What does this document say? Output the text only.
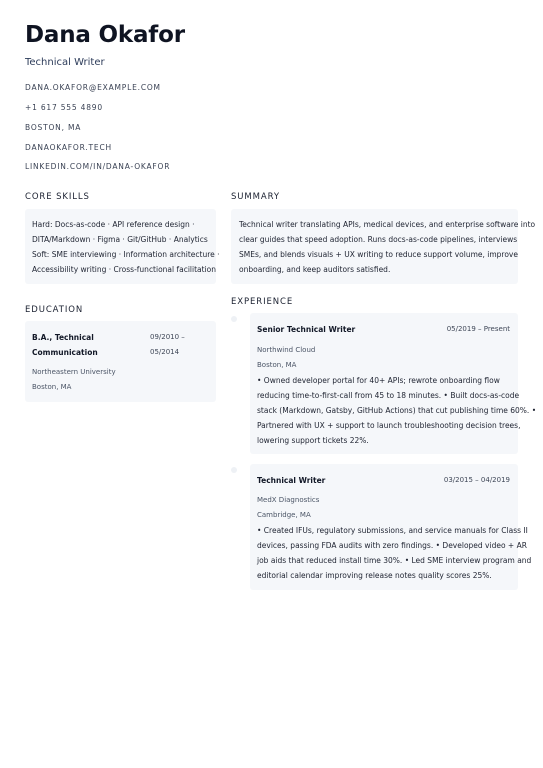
Dana Okafor
Technical Writer
DANA.OKAFOR@EXAMPLE.COM
+1 617 555 4890
BOSTON, MA
DANAOKAFOR.TECH
LINKEDIN.COM/IN/DANA-OKAFOR
CORE SKILLS
Hard: Docs-as-code · API reference design ·
DITA/Markdown · Figma · Git/GitHub · Analytics
Soft: SME interviewing · Information architecture ·
Accessibility writing · Cross-functional facilitation
SUMMARY
Technical writer translating APIs, medical devices, and enterprise software into
clear guides that speed adoption. Runs docs-as-code pipelines, interviews
SMEs, and blends visuals + UX writing to reduce support volume, improve
onboarding, and keep auditors satisfied.
EDUCATION
B.A., Technical
Communication
09/2010 –
05/2014
Northeastern University
Boston, MA
EXPERIENCE
Senior Technical Writer	05/2019 – Present
Northwind Cloud
Boston, MA
• Owned developer portal for 40+ APIs; rewrote onboarding flow
reducing time-to-first-call from 45 to 18 minutes. • Built docs-as-code
stack (Markdown, Gatsby, GitHub Actions) that cut publishing time 60%. •
Partnered with UX + support to launch troubleshooting decision trees,
lowering support tickets 22%.
Technical Writer	03/2015 – 04/2019
MedX Diagnostics
Cambridge, MA
• Created IFUs, regulatory submissions, and service manuals for Class II
devices, passing FDA audits with zero findings. • Developed video + AR
job aids that reduced install time 30%. • Led SME interview program and
editorial calendar improving release notes quality scores 25%.
